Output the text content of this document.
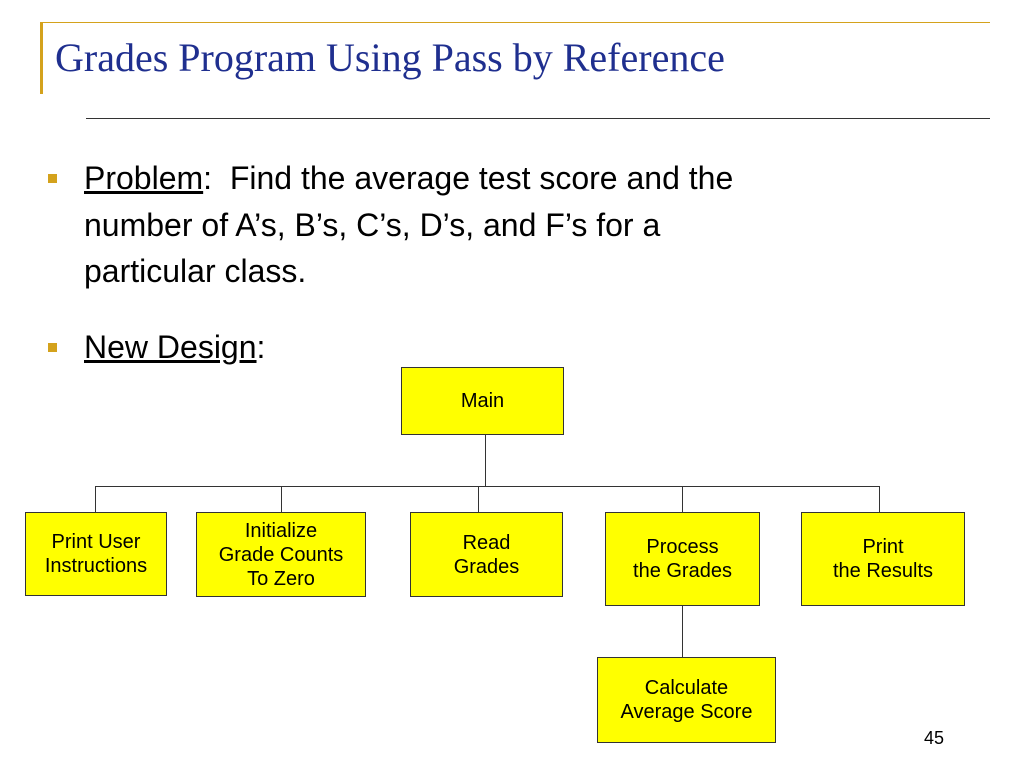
Grades Program Using Pass by Reference
Problem:  Find the average test score and the
number of A’s, B’s, C’s, D’s, and F’s for a
particular class.
New Design:
Main
Print User
Instructions
Initialize
Grade Counts
To Zero
Read
Grades
Process
the Grades
Print
the Results
Calculate
Average Score
45
